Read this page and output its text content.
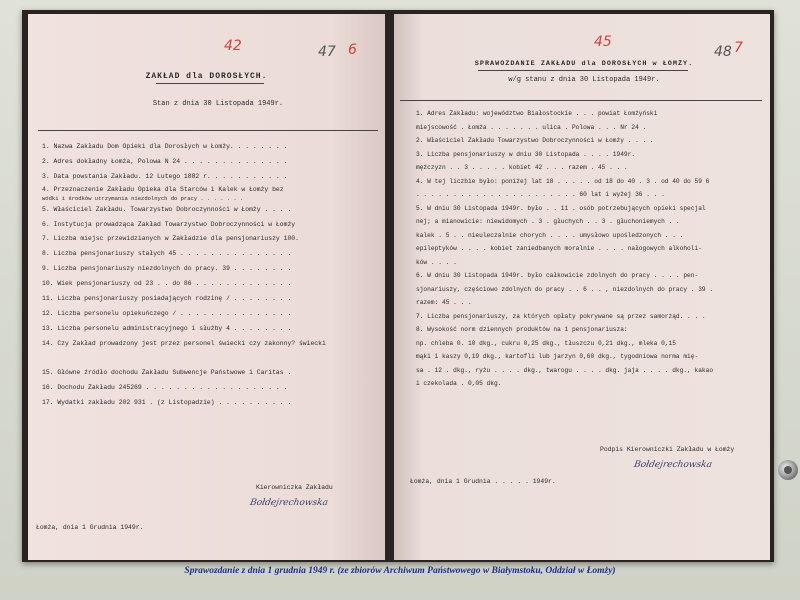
42	47 6
ZAKŁAD dla DOROSŁYCH.
Stan z dnia 30 Listopada 1949r.
1. Nazwa Zakładu Dom Opieki dla Dorosłych w Łomży. . . . . . . .
2. Adres dokładny Łomża, Polowa N 24 . . . . . . . . . . . . . .
3. Data powstania Zakładu. 12 Lutego 1882 r. . . . . . . . . . .
4. Przeznaczenie Zakładu Opieka dla Starców i Kalek w Łomży bez
wódki i środków utrzymania niezdolnych do pracy . . . . . . .
5. Właściciel Zakładu. Towarzystwo Dobroczynności w Łomży . . . .
6. Instytucja prowadząca Zakład Towarzystwo Dobroczynności w Łomży
7. Liczba miejsc przewidzianych w Zakładzie dla pensjonariuszy 100.
8. Liczba pensjonariuszy stałych 45 . . . . . . . . . . . . . . .
9. Liczba pensjonariuszy niezdolnych do pracy. 39 . . . . . . . .
10. Wiek pensjonariuszy od 23 . . do 86 . . . . . . . . . . . . .
11. Liczba pensjonariuszy posiadających rodzinę / . . . . . . . .
12. Liczba personelu opiekuńczego / . . . . . . . . . . . . . . .
13. Liczba personelu administracyjnego i służby 4 . . . . . . . .
14. Czy Zakład prowadzony jest przez personel świecki czy zakonny? świecki
15. Główne źródło dochodu Zakładu Subwencje Państwowe i Caritas .
16. Dochodu Zakładu 245269 . . . . . . . . . . . . . . . . . . .
17. Wydatki zakładu 202 931 . (z Listopadzie) . . . . . . . . . .
Kierowniczka Zakładu
Bołdejrechowska
Łomża, dnia 1 Grudnia 1949r.
45
48 7
SPRAWOZDANIE ZAKŁADU dla DOROSŁYCH w ŁOMŻY.
w/g stanu z dnia 30 Listopada 1949r.
1. Adres Zakładu: województwo Białostockie . . . powiat Łomżyński
miejscowość . Łomża . . . . . . . ulica . Polowa . . . Nr 24 .
2. Właściciel Zakładu Towarzystwo Dobroczynności w Łomży . . . .
3. Liczba pensjonariuszy w dniu 30 Listopada . . . . 1949r.
mężczyzn . . 3 . . . . . kobiet 42 . . . razem . 45 . . .
4. W tej liczbie było: poniżej lat 18 . . . . . od 18 do 40 . 3 . od 40 do 59 6
. . . . . . . . . . . . . . . . . . . . . . 60 lat i wyżej 36 . . .
5. W dniu 30 Listopada 1949r. było . . 11 . osób potrzebujących opieki specjal
nej; a mianowicie: niewidomych . 3 . głuchych . . 3 . głuchoniemych . .
kalek . 5 . . nieuleczalnie chorych . . . . umysłowo upośledzonych . . .
epileptyków . . . . kobiet zaniedbanych moralnie . . . . nałogowych alkoholi-
ków . . . .
6. W dniu 30 Listopada 1949r. było całkowicie zdolnych do pracy . . . . pen-
sjonariuszy, częściowo zdolnych do pracy . . 6 . . , niezdolnych do pracy . 39 .
razem: 45 . . .
7. Liczba pensjonariuszy, za których opłaty pokrywane są przez samorząd. . . .
8. Wysokość norm dziennych produktów na 1 pensjonariusza:
np. chleba 0. 10 dkg., cukru 0,25 dkg., tłuszczu 0,21 dkg., mleka 0,15
mąki i kaszy 0,19 dkg., kartofli lub jarzyn 0,60 dkg., tygodniowa norma mię-
sa . 12 . dkg., ryżu . . . . dkg., twarogu . . . . dkg. jaja . . . . dkg., kakao
i czekolada . 0,05 dkg.
Podpis Kierowniczki Zakładu w Łomży
Bołdejrechowska
Łomża, dnia 1 Grudnia . . . . . 1949r.
Sprawozdanie z dnia 1 grudnia 1949 r. (ze zbiorów Archiwum Państwowego w Białymstoku, Oddział w Łomży)
